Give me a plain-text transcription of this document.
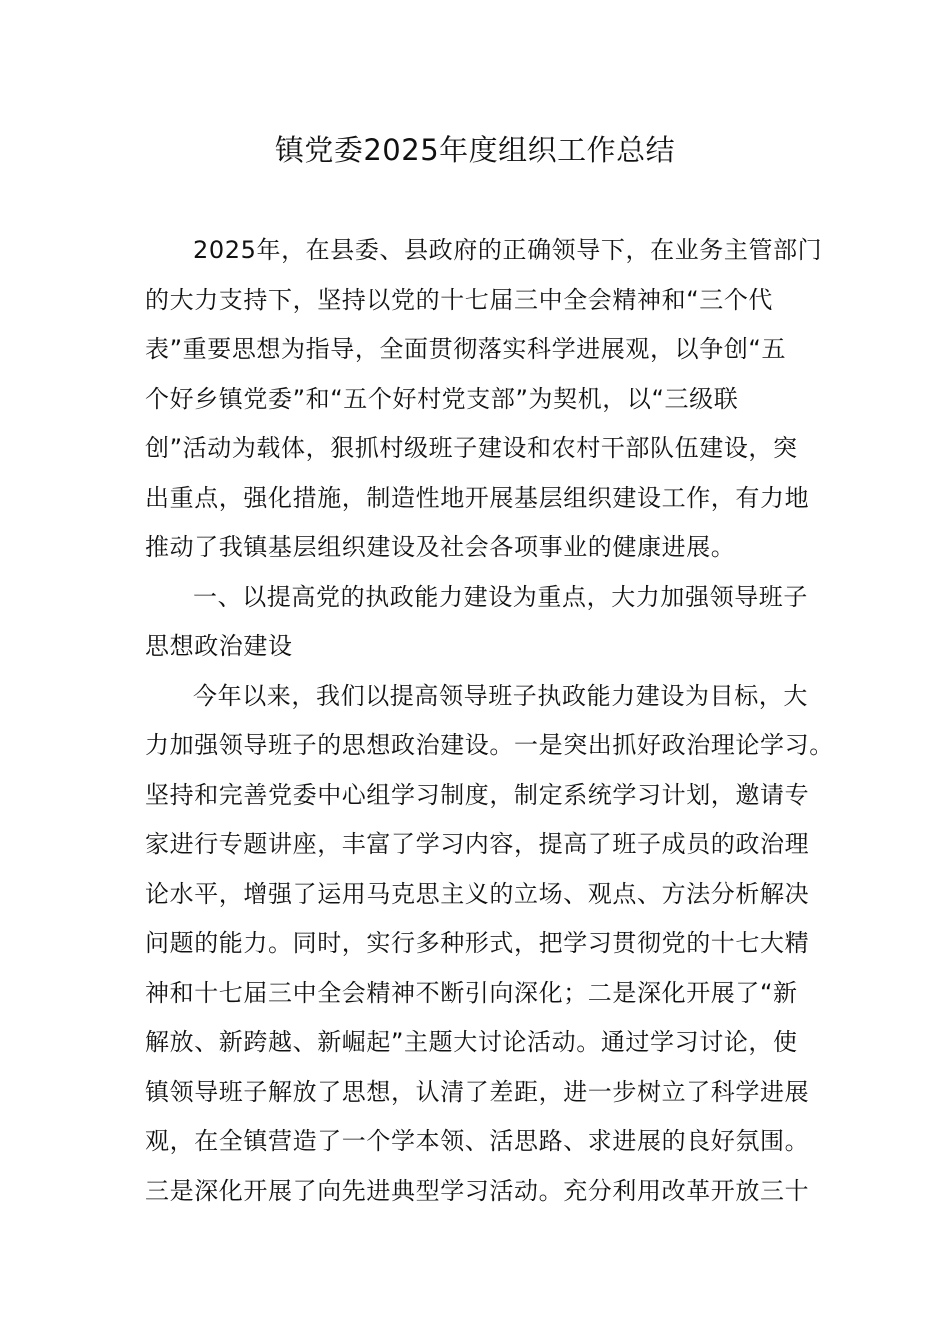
镇党委2025年度组织工作总结
2025年，在县委、县政府的正确领导下，在业务主管部门
的大力支持下，坚持以党的十七届三中全会精神和“三个代
表”重要思想为指导，全面贯彻落实科学进展观，以争创“五
个好乡镇党委”和“五个好村党支部”为契机，以“三级联
创”活动为载体，狠抓村级班子建设和农村干部队伍建设，突
出重点，强化措施，制造性地开展基层组织建设工作，有力地
推动了我镇基层组织建设及社会各项事业的健康进展。
一、以提高党的执政能力建设为重点，大力加强领导班子
思想政治建设
今年以来，我们以提高领导班子执政能力建设为目标，大
力加强领导班子的思想政治建设。一是突出抓好政治理论学习。
坚持和完善党委中心组学习制度，制定系统学习计划，邀请专
家进行专题讲座，丰富了学习内容，提高了班子成员的政治理
论水平，增强了运用马克思主义的立场、观点、方法分析解决
问题的能力。同时，实行多种形式，把学习贯彻党的十七大精
神和十七届三中全会精神不断引向深化；二是深化开展了“新
解放、新跨越、新崛起”主题大讨论活动。通过学习讨论，使
镇领导班子解放了思想，认清了差距，进一步树立了科学进展
观，在全镇营造了一个学本领、活思路、求进展的良好氛围。
三是深化开展了向先进典型学习活动。充分利用改革开放三十
